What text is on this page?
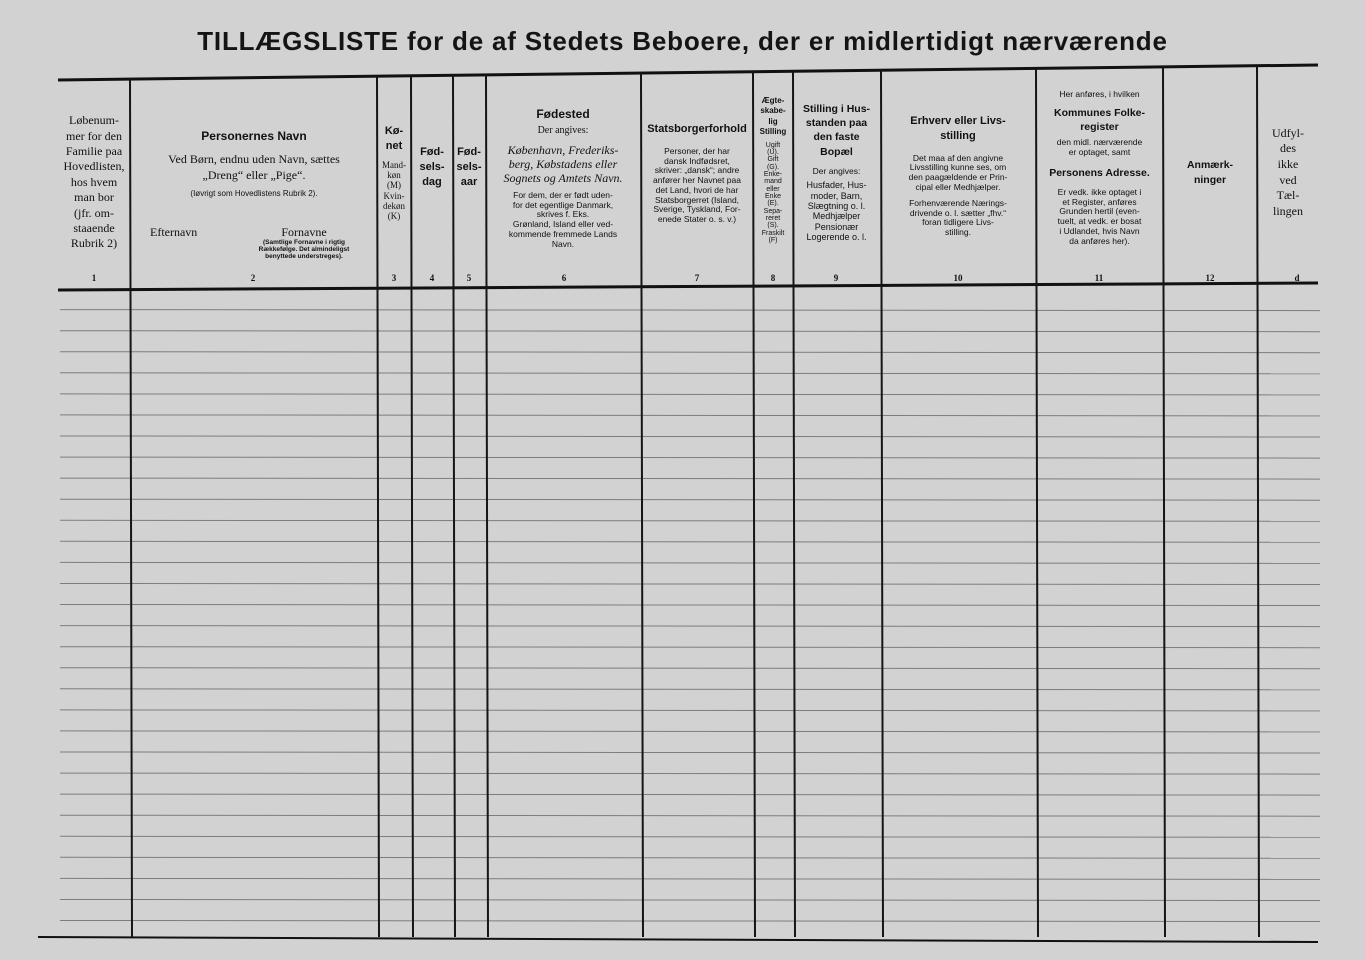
TILLÆGSLISTE for de af Stedets Beboere, der er midlertidigt nærværende
Løbenum-
mer for den
Familie paa
Hovedlisten,
hos hvem
man bor
(jfr. om-
staaende
Rubrik 2)
1
Personernes Navn
Ved Børn, endnu uden Navn, sættes
„Dreng“ eller „Pige“.
(Iøvrigt som Hovedlistens Rubrik 2).
Efternavn	Fornavne
(Samtlige Fornavne i rigtig Rækkefølge. Det almindeligst benyttede understreges).
2
Kø-
net
Mand-
køn
(M)
Kvin-
dekøn
(K)
3
Fød-
sels-
dag
4
Fød-
sels-
aar
5
Fødested
Der angives:
København, Frederiks-
berg, Købstadens eller
Sognets og Amtets Navn.
For dem, der er født uden-
for det egentlige Danmark,
skrives f. Eks.
Grønland, Island eller ved-
kommende fremmede Lands
Navn.
6
Statsborgerforhold
Personer, der har
dansk Indfødsret,
skriver: „dansk“; andre
anfører her Navnet paa
det Land, hvori de har
Statsborgerret (Island,
Sverige, Tyskland, For-
enede Stater o. s. v.)
7
Ægte-
skabe-
lig
Stilling
Ugift
(U).
Gift
(G).
Enke-
mand
eller
Enke
(E).
Sepa-
reret
(S).
Fraskilt
(F)
8
Stilling i Hus-
standen paa
den faste
Bopæl
Der angives:
Husfader, Hus-
moder, Barn,
Slægtning o. l.
Medhjælper
Pensionær
Logerende o. l.
9
Erhverv eller Livs-
stilling
Det maa af den angivne
Livsstilling kunne ses, om
den paagældende er Prin-
cipal eller Medhjælper.
Forhenværende Nærings-
drivende o. l. sætter „fhv.“
foran tidligere Livs-
stilling.
10
Her anføres, i hvilken
Kommunes Folke-
register
den midl. nærværende
er optaget, samt
Personens Adresse.
Er vedk. ikke optaget i
et Register, anføres
Grunden hertil (even-
tuelt, at vedk. er bosat
i Udlandet, hvis Navn
da anføres her).
11
Anmærk-
ninger
12
Udfyl-
des
ikke
ved
Tæl-
lingen
d
